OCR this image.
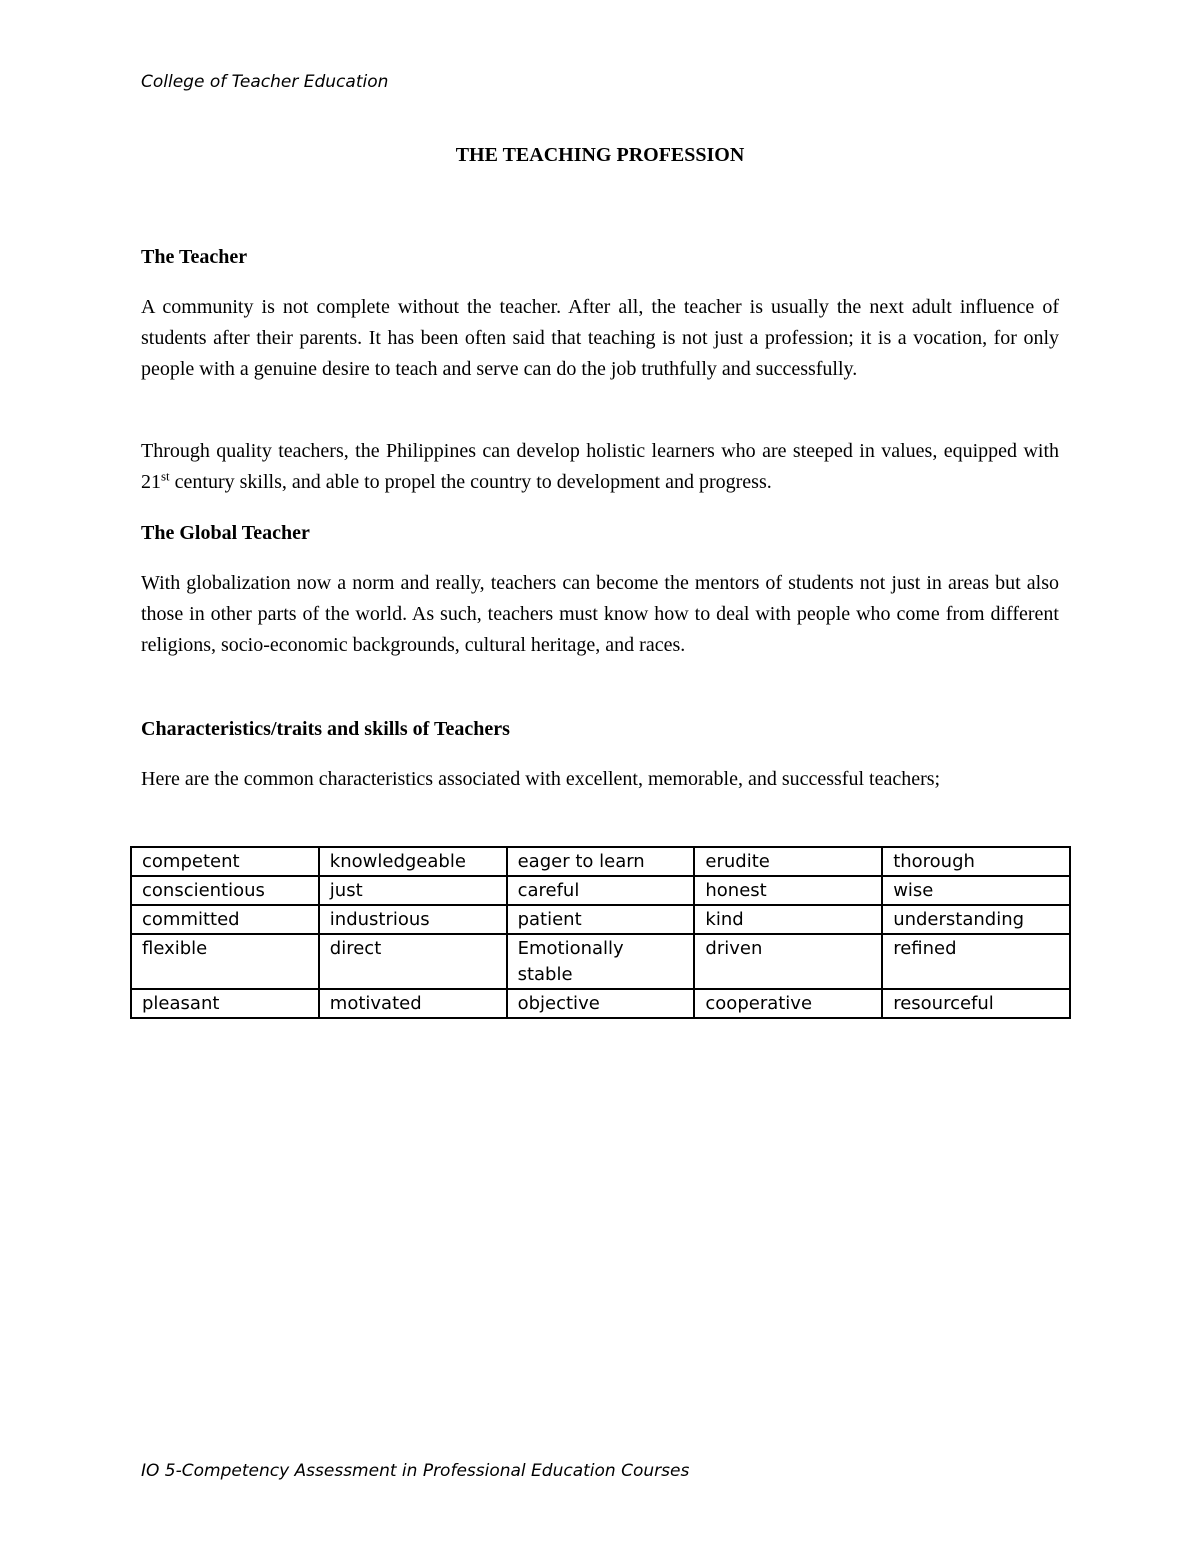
College of Teacher Education
THE TEACHING PROFESSION
The Teacher
A community is not complete without the teacher. After all, the teacher is usually the next adult influence of students after their parents. It has been often said that teaching is not just a profession; it is a vocation, for only people with a genuine desire to teach and serve can do the job truthfully and successfully.
Through quality teachers, the Philippines can develop holistic learners who are steeped in values, equipped with 21st century skills, and able to propel the country to development and progress.
The Global Teacher
With globalization now a norm and really, teachers can become the mentors of students not just in areas but also those in other parts of the world. As such, teachers must know how to deal with people who come from different religions, socio-economic backgrounds, cultural heritage, and races.
Characteristics/traits and skills of Teachers
Here are the common characteristics associated with excellent, memorable, and successful teachers;
competent	knowledgeable	eager to learn	erudite	thorough
conscientious	just	careful	honest	wise
committed	industrious	patient	kind	understanding
flexible	direct	Emotionally stable	driven	refined
pleasant	motivated	objective	cooperative	resourceful
IO 5-Competency Assessment in Professional Education Courses
